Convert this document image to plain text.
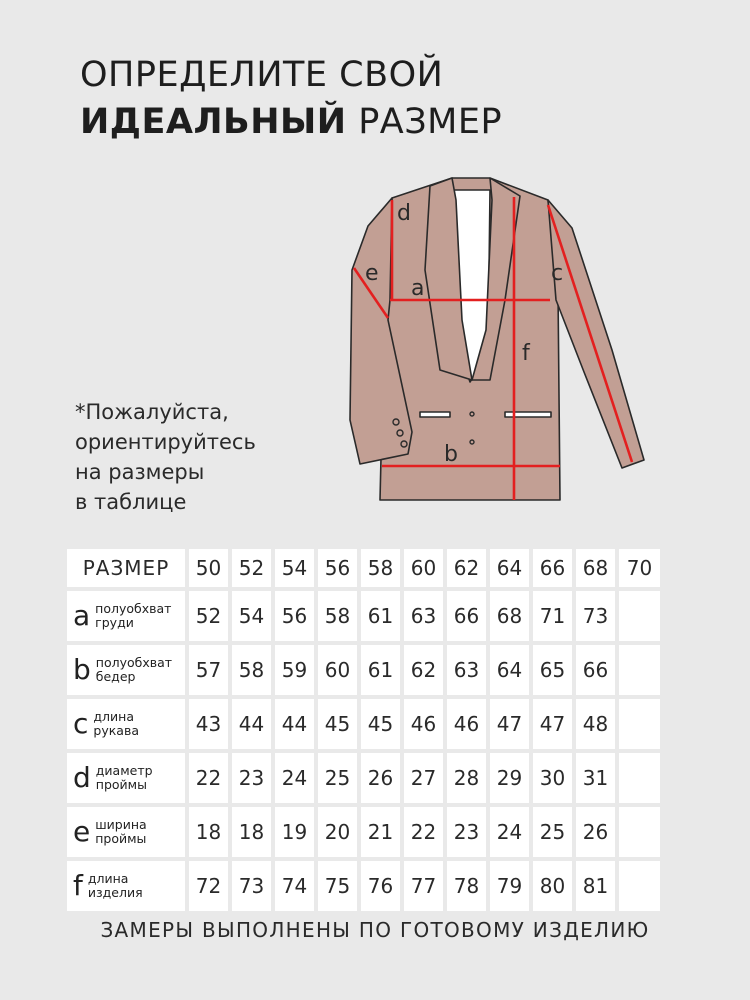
ОПРЕДЕЛИТЕ СВОЙ
ИДЕАЛЬНЫЙ РАЗМЕР
*Пожалуйста,
ориентируйтесь
на размеры
в таблице
a
b
c
d
e
f
РАЗМЕР	50	52	54	56	58	60	62	64	66	68	70

a полуобхват
груди	52	54	56	58	61	63	66	68	71	73	

b полуобхват
бедер	57	58	59	60	61	62	63	64	65	66	

c длина
рукава	43	44	44	45	45	46	46	47	47	48	

d диаметр
проймы	22	23	24	25	26	27	28	29	30	31	

e ширина
проймы	18	18	19	20	21	22	23	24	25	26	

f длина
изделия	72	73	74	75	76	77	78	79	80	81	
ЗАМЕРЫ ВЫПОЛНЕНЫ ПО ГОТОВОМУ ИЗДЕЛИЮ
